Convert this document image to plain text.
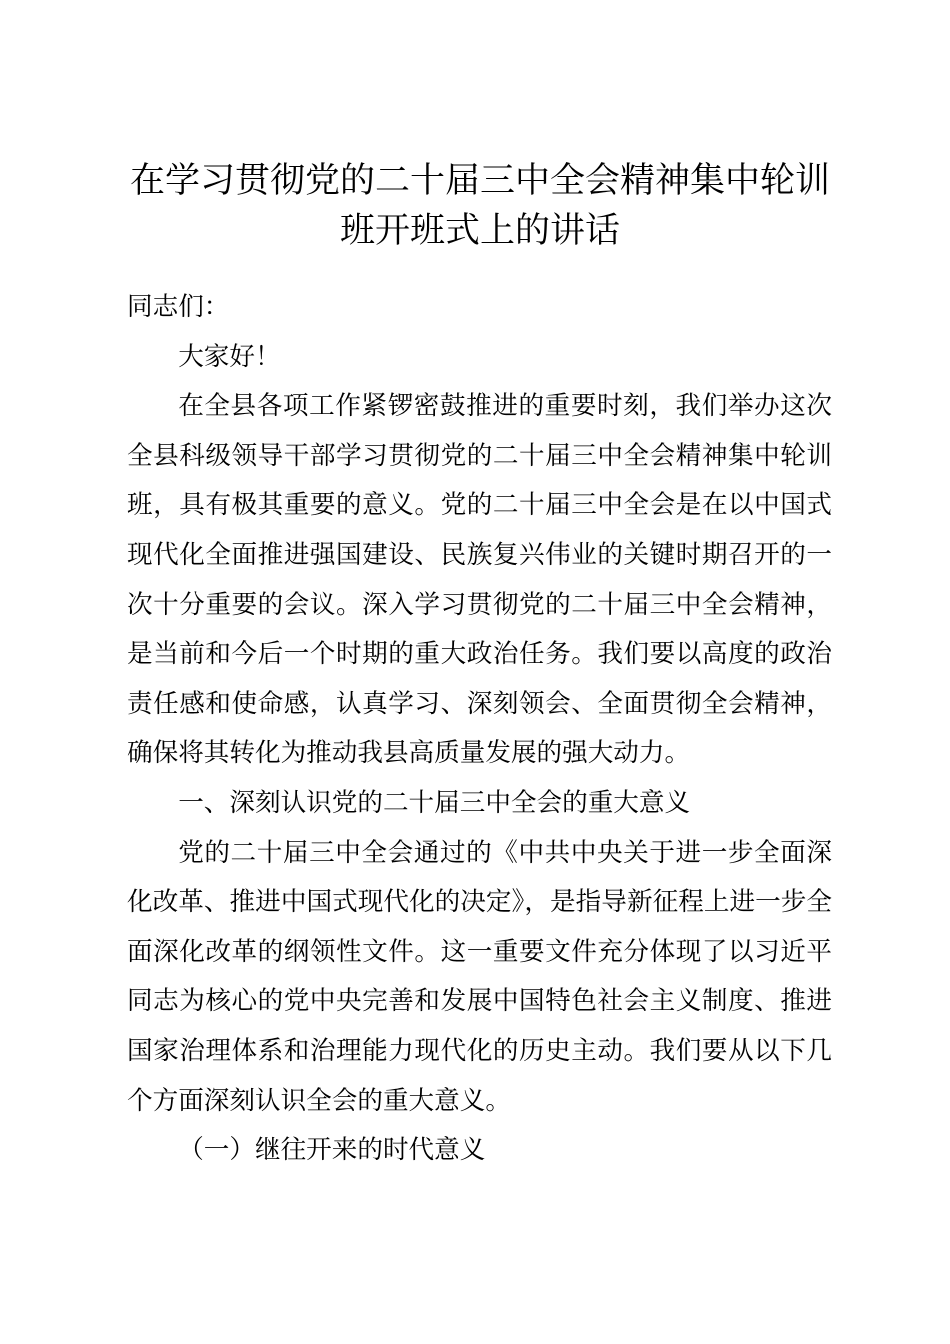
在学习贯彻党的二十届三中全会精神集中轮训
班开班式上的讲话

同志们：

大家好！

在全县各项工作紧锣密鼓推进的重要时刻，我们举办这次全县科级领导干部学习贯彻党的二十届三中全会精神集中轮训班，具有极其重要的意义。党的二十届三中全会是在以中国式现代化全面推进强国建设、民族复兴伟业的关键时期召开的一次十分重要的会议。深入学习贯彻党的二十届三中全会精神，是当前和今后一个时期的重大政治任务。我们要以高度的政治责任感和使命感，认真学习、深刻领会、全面贯彻全会精神，确保将其转化为推动我县高质量发展的强大动力。

一、深刻认识党的二十届三中全会的重大意义

党的二十届三中全会通过的《中共中央关于进一步全面深化改革、推进中国式现代化的决定》，是指导新征程上进一步全面深化改革的纲领性文件。这一重要文件充分体现了以习近平同志为核心的党中央完善和发展中国特色社会主义制度、推进国家治理体系和治理能力现代化的历史主动。我们要从以下几个方面深刻认识全会的重大意义。

（一）继往开来的时代意义
